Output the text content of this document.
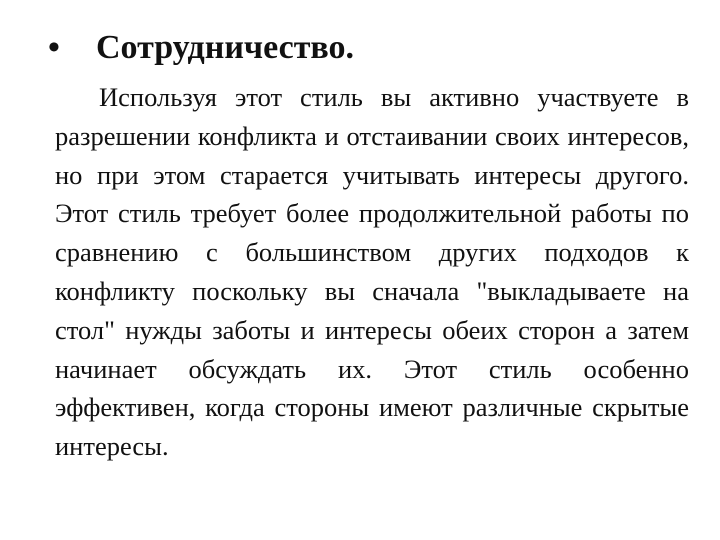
•	Сотрудничество.

Используя этот стиль вы активно участвуете в разрешении конфликта и отстаивании своих интересов, но при этом старается учитывать интересы другого. Этот стиль требует более продолжительной работы по сравнению с большинством других подходов к конфликту поскольку вы сначала "выкладываете на стол" нужды заботы и интересы обеих сторон а затем начинает обсуждать их. Этот стиль особенно эффективен, когда стороны имеют различные скрытые интересы.
